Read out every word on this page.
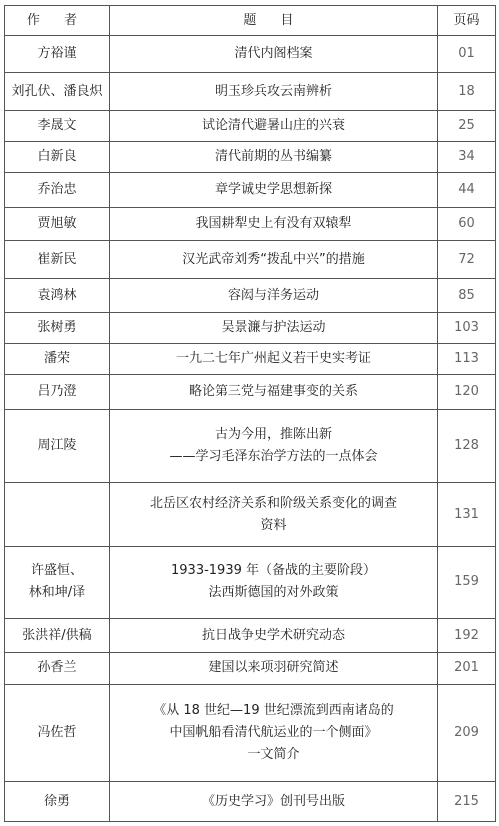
作 者	题 目	页码

方裕谨	清代内阁档案	01

刘孔伏、潘良炽	明玉珍兵攻云南辨析	18

李晟文	试论清代避暑山庄的兴衰	25

白新良	清代前期的丛书编纂	34

乔治忠	章学诚史学思想新探	44

贾旭敏	我国耕犁史上有没有双辕犁	60

崔新民	汉光武帝刘秀“拨乱中兴”的措施	72

袁鸿林	容闳与洋务运动	85

张树勇	吴景濂与护法运动	103

潘荣	一九二七年广州起义若干史实考证	113

吕乃澄	略论第三党与福建事变的关系	120

周江陵	古为今用，推陈出新
——学习毛泽东治学方法的一点体会	128

	北岳区农村经济关系和阶级关系变化的调查
资料	131

许盛恒、
林和坤/译	1933-1939 年（备战的主要阶段）
法西斯德国的对外政策	159

张洪祥/供稿	抗日战争史学术研究动态	192

孙香兰	建国以来项羽研究简述	201

冯佐哲	《从 18 世纪—19 世纪漂流到西南诸岛的
中国帆船看清代航运业的一个侧面》
一文简介	209

徐勇	《历史学习》创刊号出版	215
